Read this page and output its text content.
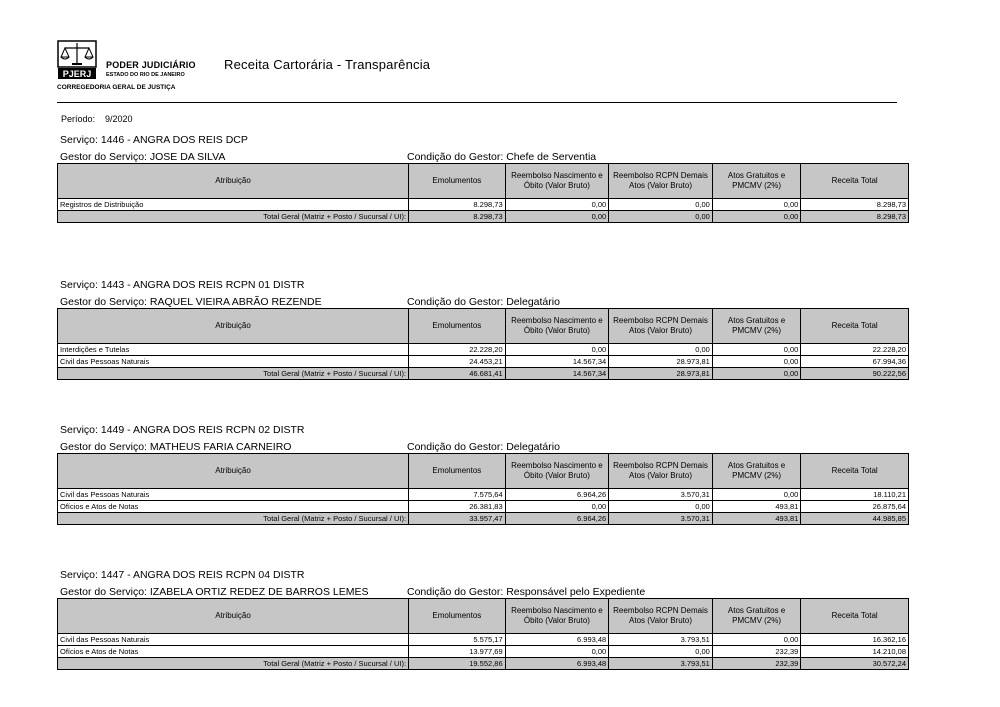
PJERJ
PODER JUDICIÁRIO
ESTADO DO RIO DE JANEIRO
CORREGEDORIA GERAL DE JUSTIÇA
Receita Cartorária - Transparência
Período: 9/2020
Serviço: 1446 - ANGRA DOS REIS DCP
Gestor do Serviço: JOSE DA SILVA	Condição do Gestor: Chefe de Serventia
Atribuição	Emolumentos	Reembolso Nascimento e Óbito (Valor Bruto)	Reembolso RCPN Demais Atos (Valor Bruto)	Atos Gratuitos e PMCMV (2%)	Receita Total
Registros de Distribuição	8.298,73	0,00	0,00	0,00	8.298,73
Total Geral (Matriz + Posto / Sucursal / UI):	8.298,73	0,00	0,00	0,00	8.298,73
Serviço: 1443 - ANGRA DOS REIS RCPN 01 DISTR
Gestor do Serviço: RAQUEL VIEIRA ABRÃO REZENDE	Condição do Gestor: Delegatário
Atribuição	Emolumentos	Reembolso Nascimento e Óbito (Valor Bruto)	Reembolso RCPN Demais Atos (Valor Bruto)	Atos Gratuitos e PMCMV (2%)	Receita Total
Interdições e Tutelas	22.228,20	0,00	0,00	0,00	22.228,20
Civil das Pessoas Naturais	24.453,21	14.567,34	28.973,81	0,00	67.994,36
Total Geral (Matriz + Posto / Sucursal / UI):	46.681,41	14.567,34	28.973,81	0,00	90.222,56
Serviço: 1449 - ANGRA DOS REIS RCPN 02 DISTR
Gestor do Serviço: MATHEUS FARIA CARNEIRO	Condição do Gestor: Delegatário
Atribuição	Emolumentos	Reembolso Nascimento e Óbito (Valor Bruto)	Reembolso RCPN Demais Atos (Valor Bruto)	Atos Gratuitos e PMCMV (2%)	Receita Total
Civil das Pessoas Naturais	7.575,64	6.964,26	3.570,31	0,00	18.110,21
Ofícios e Atos de Notas	26.381,83	0,00	0,00	493,81	26.875,64
Total Geral (Matriz + Posto / Sucursal / UI):	33.957,47	6.964,26	3.570,31	493,81	44.985,85
Serviço: 1447 - ANGRA DOS REIS RCPN 04 DISTR
Gestor do Serviço: IZABELA ORTIZ REDEZ DE BARROS LEMES	Condição do Gestor: Responsável pelo Expediente
Atribuição	Emolumentos	Reembolso Nascimento e Óbito (Valor Bruto)	Reembolso RCPN Demais Atos (Valor Bruto)	Atos Gratuitos e PMCMV (2%)	Receita Total
Civil das Pessoas Naturais	5.575,17	6.993,48	3.793,51	0,00	16.362,16
Ofícios e Atos de Notas	13.977,69	0,00	0,00	232,39	14.210,08
Total Geral (Matriz + Posto / Sucursal / UI):	19.552,86	6.993,48	3.793,51	232,39	30.572,24
